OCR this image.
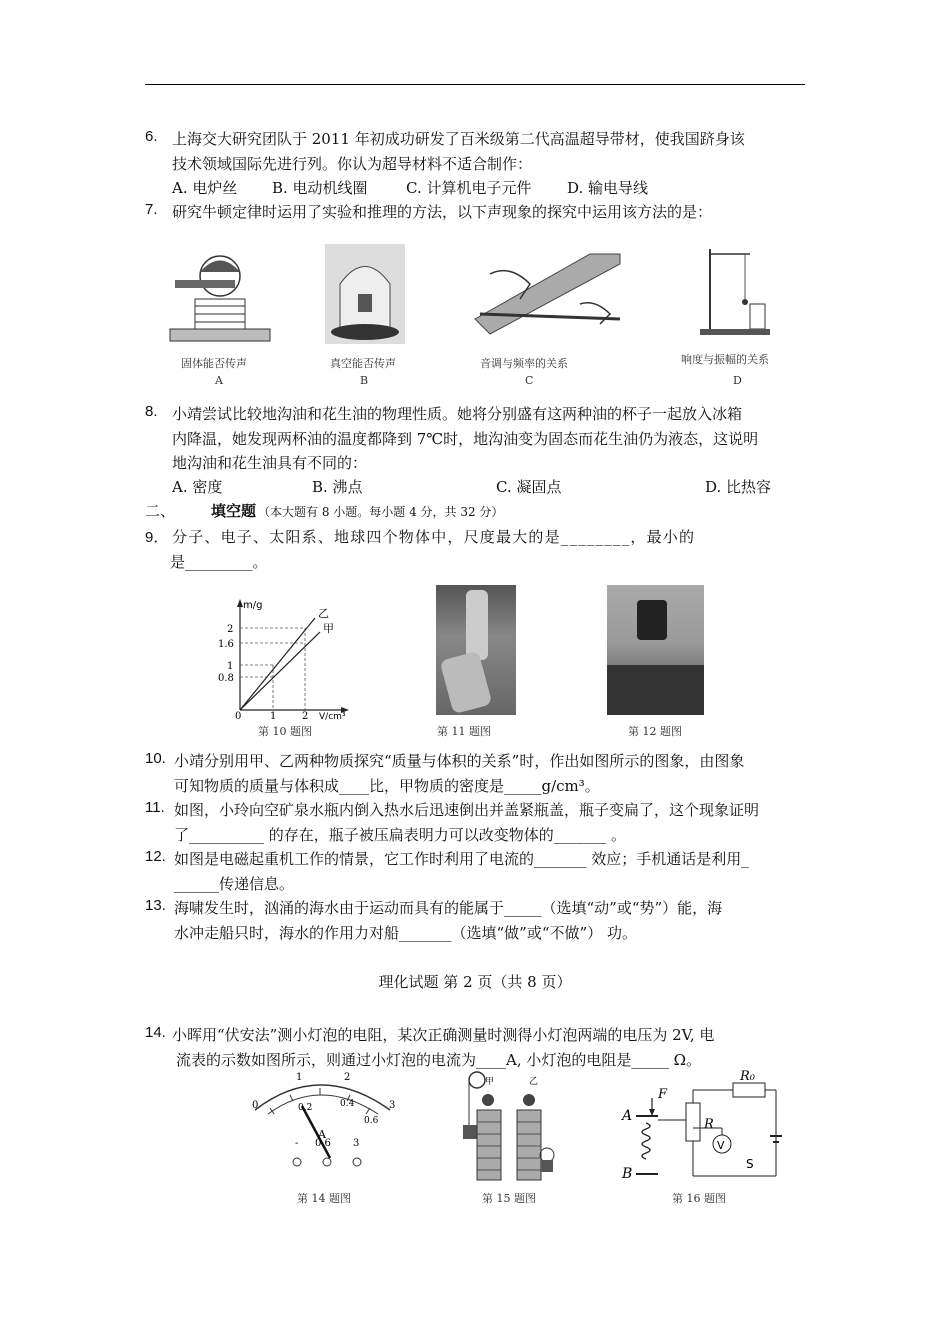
6. 上海交大研究团队于 2011 年初成功研发了百米级第二代高温超导带材，使我国跻身该
技术领域国际先进行列。你认为超导材料不适合制作：
A. 电炉丝 B. 电动机线圈	C. 计算机电子元件 D. 输电导线
7. 研究牛顿定律时运用了实验和推理的方法，以下声现象的探究中运用该方法的是：
固体能否传声
A
真空能否传声
B
音调与频率的关系
C
响度与振幅的关系
D
8. 小靖尝试比较地沟油和花生油的物理性质。她将分别盛有这两种油的杯子一起放入冰箱
内降温，她发现两杯油的温度都降到 7℃时，地沟油变为固态而花生油仍为液态，这说明
地沟油和花生油具有不同的：
A. 密度	B. 沸点	C. 凝固点	D. 比热容
二、 填空题 （本大题有 8 小题。每小题 4 分，共 32 分）
9． 分子、电子、太阳系、地球四个物体中，尺度最大的是________，最小的
是_________。
m/g
乙
甲
2
1.6
1
0.8
0	1	2 V/cm³
第 10 题图	第 11 题图	第 12 题图
10. 小靖分别用甲、乙两种物质探究“质量与体积的关系”时，作出如图所示的图象，由图象
可知物质的质量与体积成____比，甲物质的密度是_____g/cm³。
11. 如图，小玲向空矿泉水瓶内倒入热水后迅速倒出并盖紧瓶盖，瓶子变扁了，这个现象证明
了__________ 的存在，瓶子被压扁表明力可以改变物体的_______ 。
12. 如图是电磁起重机工作的情景，它工作时利用了电流的_______ 效应；手机通话是利用_
______传递信息。
13. 海啸发生时，汹涌的海水由于运动而具有的能属于_____（选填“动”或“势”）能，海
水冲走船只时，海水的作用力对船_______（选填“做”或“不做”） 功。
理化试题 第 2 页（共 8 页）
14. 小晖用“伏安法”测小灯泡的电阻，某次正确测量时测得小灯泡两端的电压为 2V, 电
流表的示数如图所示，则通过小灯泡的电流为____A, 小灯泡的电阻是_____ Ω。
0
1	2
3
0.2	0.4
0.6
A
- 0.6 3
第 14 题图
甲	乙
第 15 题图
A
B
F
R
R₀
V
S
第 16 题图
